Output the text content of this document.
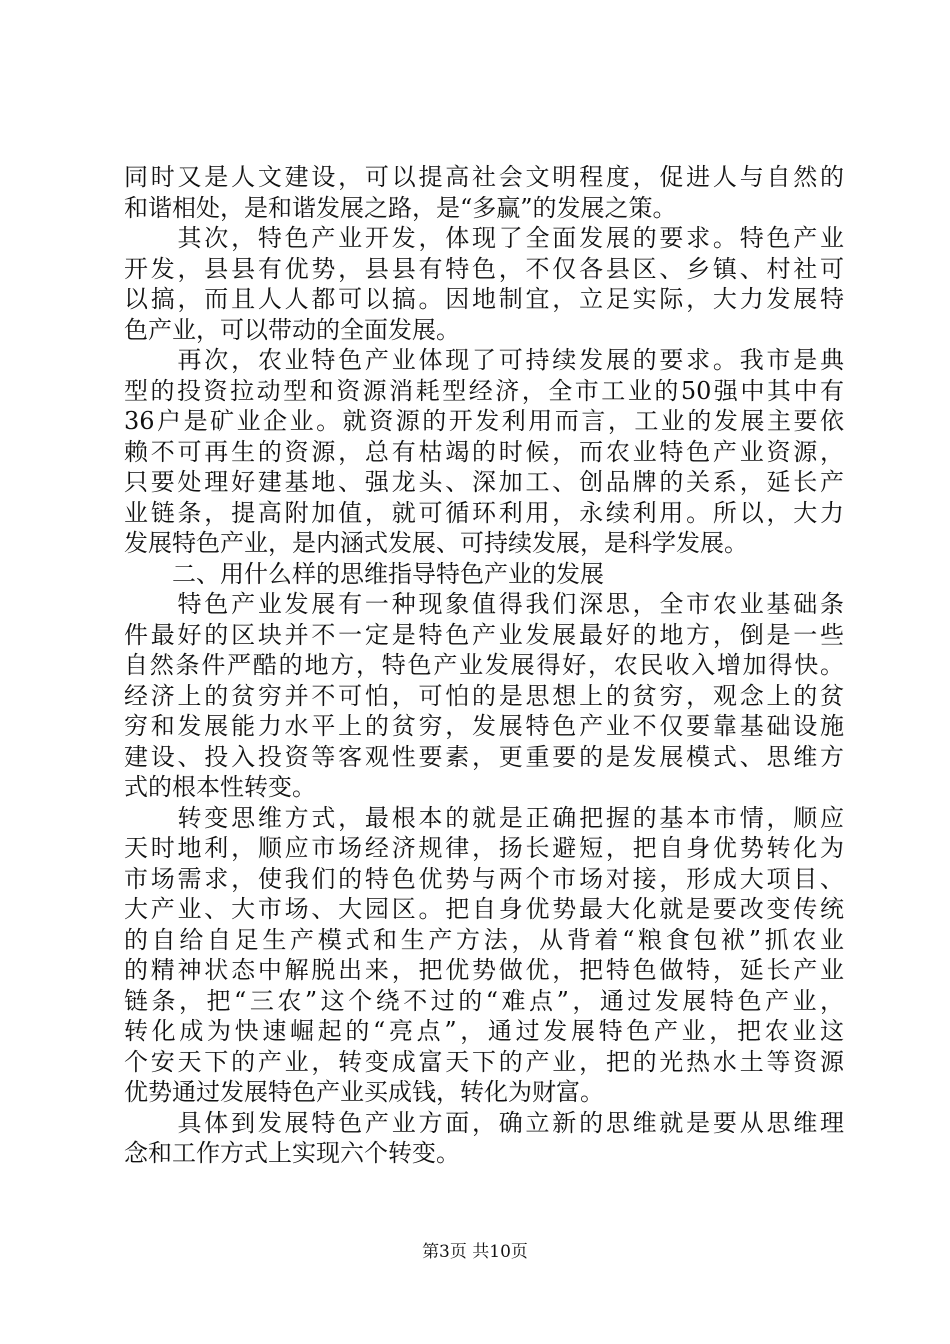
同时又是人文建设，可以提高社会文明程度，促进人与自然的
和谐相处，是和谐发展之路，是“多赢”的发展之策。
　　其次，特色产业开发，体现了全面发展的要求。特色产业
开发，县县有优势，县县有特色，不仅各县区、乡镇、村社可
以搞，而且人人都可以搞。因地制宜，立足实际，大力发展特
色产业，可以带动的全面发展。
　　再次，农业特色产业体现了可持续发展的要求。我市是典
型的投资拉动型和资源消耗型经济，全市工业的50强中其中有
36户是矿业企业。就资源的开发利用而言，工业的发展主要依
赖不可再生的资源，总有枯竭的时候，而农业特色产业资源，
只要处理好建基地、强龙头、深加工、创品牌的关系，延长产
业链条，提高附加值，就可循环利用，永续利用。所以，大力
发展特色产业，是内涵式发展、可持续发展，是科学发展。
　　二、用什么样的思维指导特色产业的发展
　　特色产业发展有一种现象值得我们深思，全市农业基础条
件最好的区块并不一定是特色产业发展最好的地方，倒是一些
自然条件严酷的地方，特色产业发展得好，农民收入增加得快。
经济上的贫穷并不可怕，可怕的是思想上的贫穷，观念上的贫
穷和发展能力水平上的贫穷，发展特色产业不仅要靠基础设施
建设、投入投资等客观性要素，更重要的是发展模式、思维方
式的根本性转变。
　　转变思维方式，最根本的就是正确把握的基本市情，顺应
天时地利，顺应市场经济规律，扬长避短，把自身优势转化为
市场需求，使我们的特色优势与两个市场对接，形成大项目、
大产业、大市场、大园区。把自身优势最大化就是要改变传统
的自给自足生产模式和生产方法，从背着“粮食包袱”抓农业
的精神状态中解脱出来，把优势做优，把特色做特，延长产业
链条，把“三农”这个绕不过的“难点”，通过发展特色产业，
转化成为快速崛起的“亮点”，通过发展特色产业，把农业这
个安天下的产业，转变成富天下的产业，把的光热水土等资源
优势通过发展特色产业买成钱，转化为财富。
　　具体到发展特色产业方面，确立新的思维就是要从思维理
念和工作方式上实现六个转变。
第3页 共10页
